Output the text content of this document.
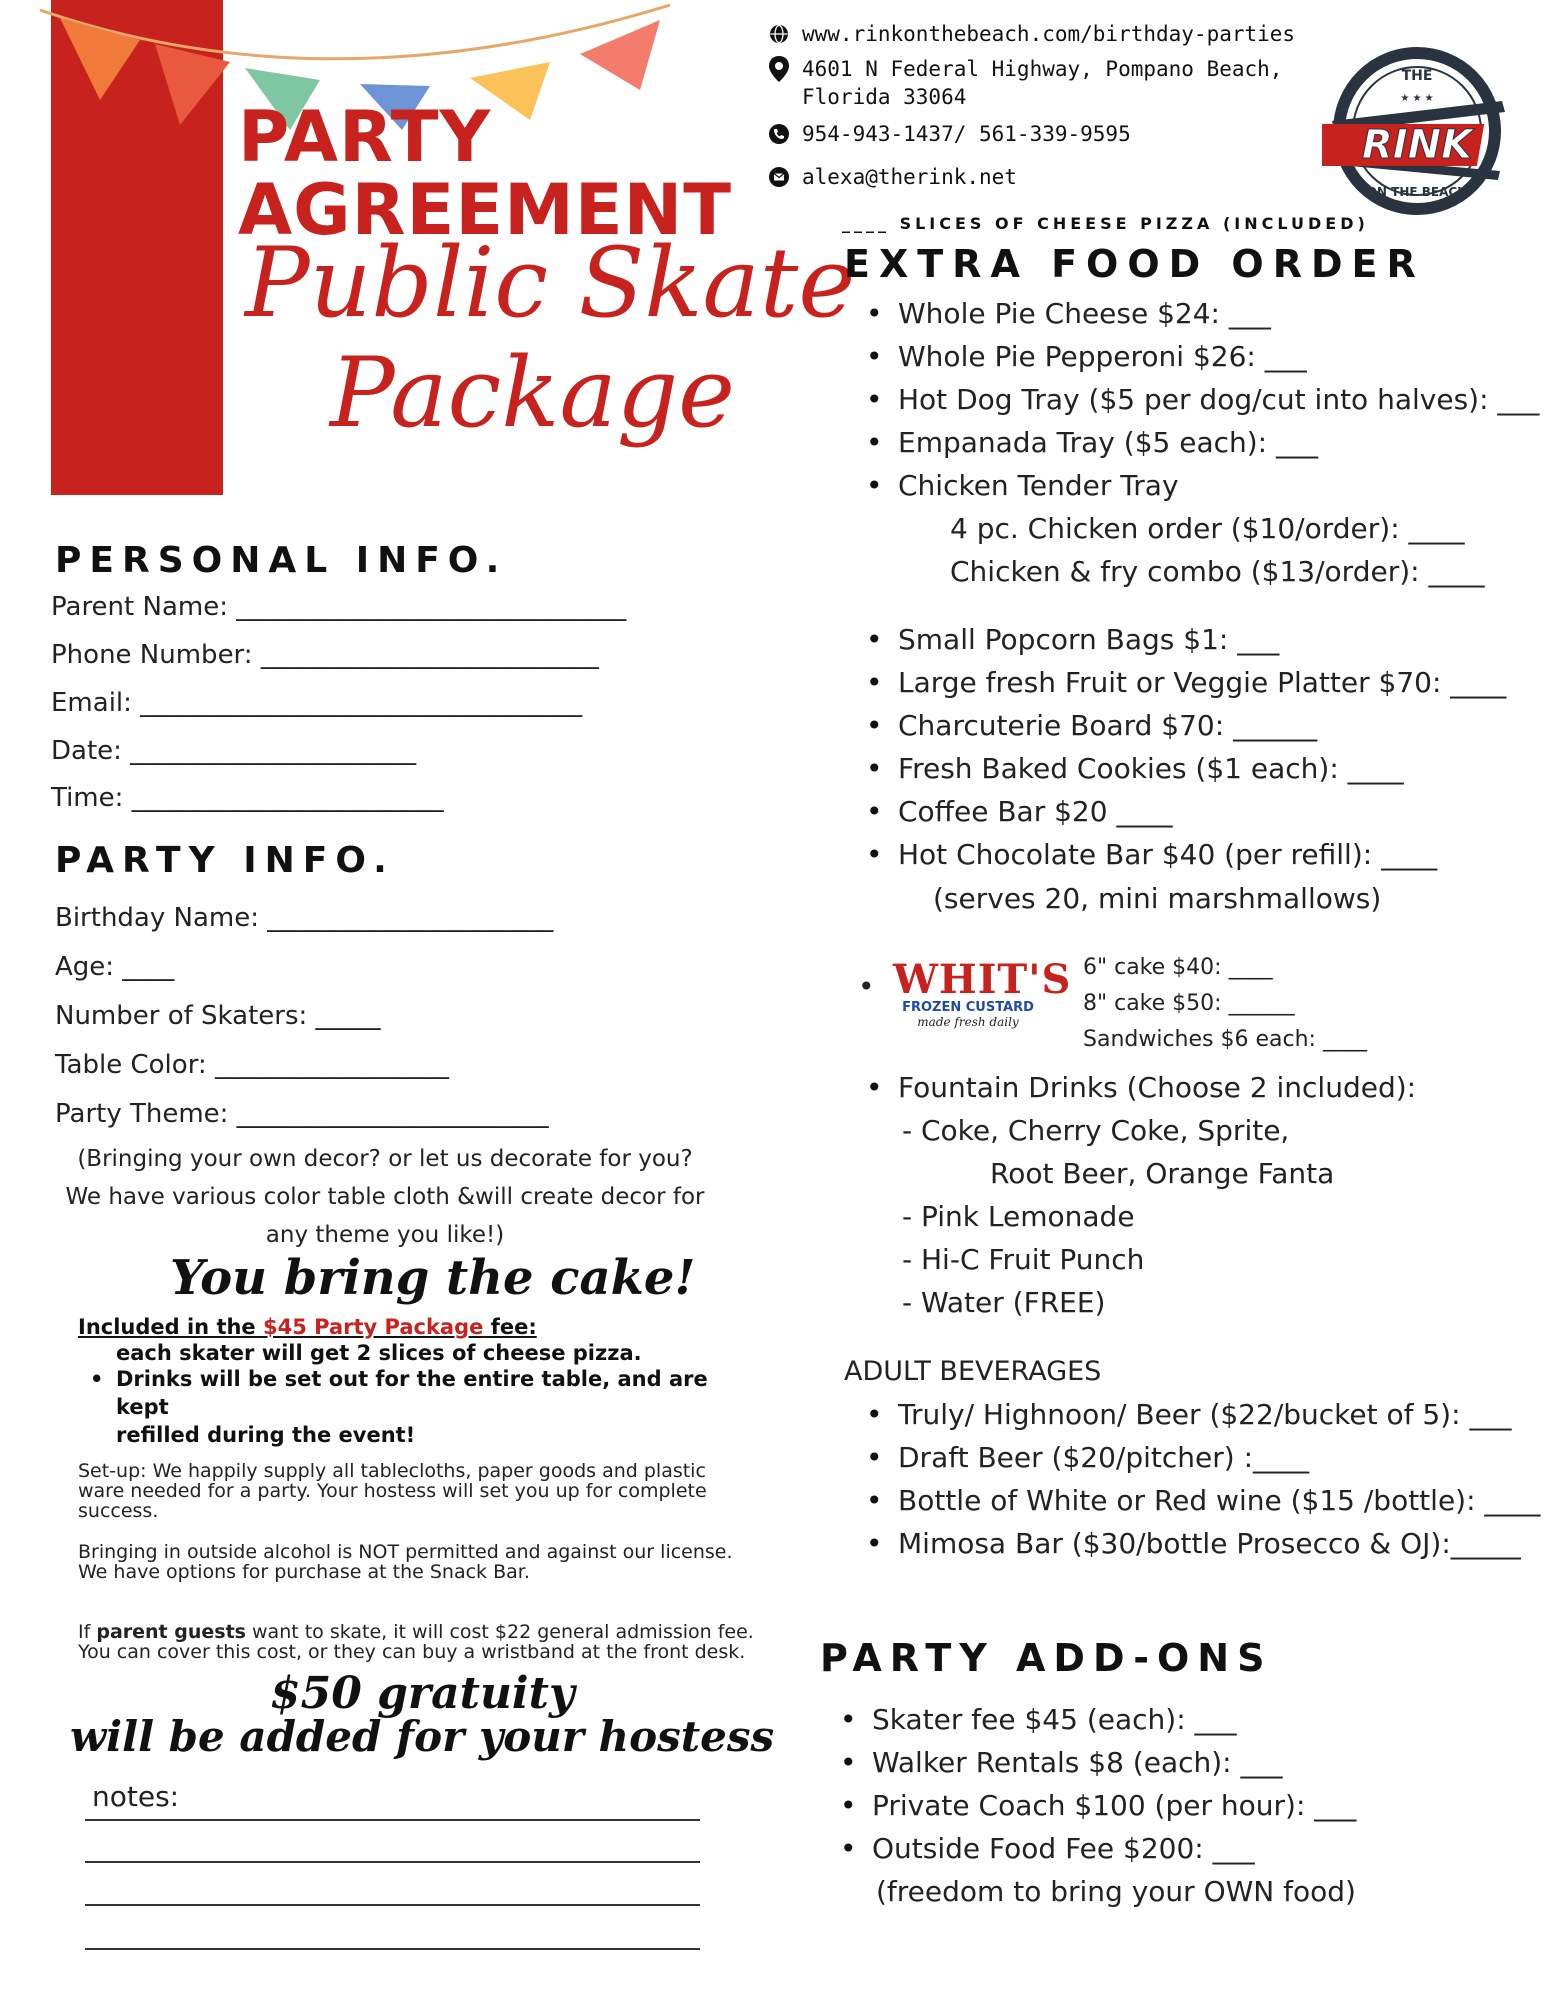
PARTY
AGREEMENT
Public Skate
Package
www.rinkonthebeach.com/birthday-parties
4601 N Federal Highway, Pompano Beach,
Florida 33064
954-943-1437/ 561-339-9595
alexa@therink.net
RINK
THE
ON THE BEACH
★ ★ ★
PERSONAL INFO.
Parent Name: ______________________________
Phone Number: __________________________
Email: __________________________________
Date: ______________________
Time: ________________________
PARTY INFO.
Birthday Name: ______________________
Age: ____
Number of Skaters: _____
Table Color: __________________
Party Theme: ________________________
(Bringing your own decor? or let us decorate for you?
We have various color table cloth &will create decor for
any theme you like!)
You bring the cake!
Included in the $45 Party Package fee:
each skater will get 2 slices of cheese pizza.
• Drinks will be set out for the entire table, and are kept
refilled during the event!
Set-up: We happily supply all tablecloths, paper goods and plastic
ware needed for a party. Your hostess will set you up for complete
success.
Bringing in outside alcohol is NOT permitted and against our license.
We have options for purchase at the Snack Bar.
If parent guests want to skate, it will cost $22 general admission fee.
You can cover this cost, or they can buy a wristband at the front desk.
$50 gratuity
will be added for your hostess
notes:
____ SLICES OF CHEESE PIZZA (INCLUDED)
EXTRA FOOD ORDER
• Whole Pie Cheese $24: ___
• Whole Pie Pepperoni $26: ___
• Hot Dog Tray ($5 per dog/cut into halves): ___
• Empanada Tray ($5 each): ___
• Chicken Tender Tray
4 pc. Chicken order ($10/order): ____
Chicken & fry combo ($13/order): ____
• Small Popcorn Bags $1: ___
• Large fresh Fruit or Veggie Platter $70: ____
• Charcuterie Board $70: ______
• Fresh Baked Cookies ($1 each): ____
• Coffee Bar $20 ____
• Hot Chocolate Bar $40 (per refill): ____
(serves 20, mini marshmallows)
• WHIT'S
FROZEN CUSTARD
made fresh daily
6" cake $40: ____
8" cake $50: ______
Sandwiches $6 each: ____
• Fountain Drinks (Choose 2 included):
- Coke, Cherry Coke, Sprite,
Root Beer, Orange Fanta
- Pink Lemonade
- Hi-C Fruit Punch
- Water (FREE)
ADULT BEVERAGES
• Truly/ Highnoon/ Beer ($22/bucket of 5): ___
• Draft Beer ($20/pitcher) :____
• Bottle of White or Red wine ($15 /bottle): ____
• Mimosa Bar ($30/bottle Prosecco & OJ):_____
PARTY ADD-ONS
• Skater fee $45 (each): ___
• Walker Rentals $8 (each): ___
• Private Coach $100 (per hour): ___
• Outside Food Fee $200: ___
(freedom to bring your OWN food)
